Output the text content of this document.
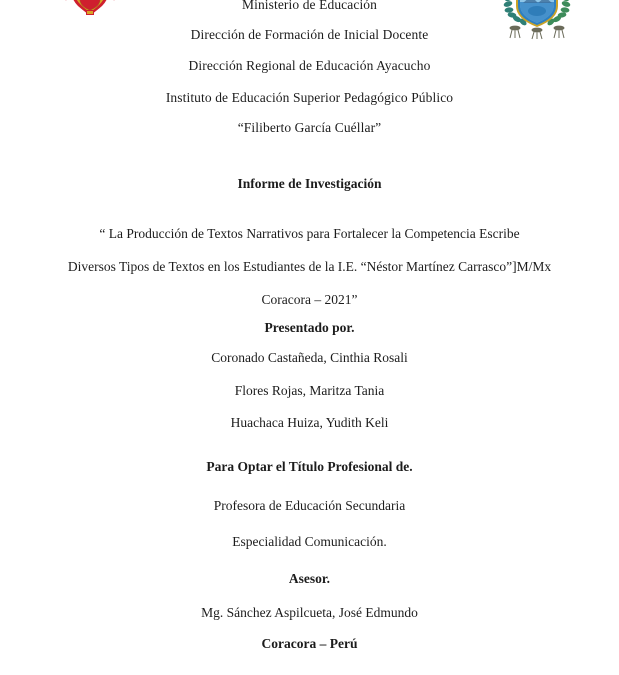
Ministerio de Educación
Dirección de Formación de Inicial Docente
Dirección Regional de Educación Ayacucho
Instituto de Educación Superior Pedagógico Público
“Filiberto García Cuéllar”
Informe de Investigación
“ La Producción de Textos Narrativos para Fortalecer la Competencia Escribe
Diversos Tipos de Textos en los Estudiantes de la I.E. “Néstor Martínez Carrasco”]M/Mx
Coracora – 2021”
Presentado por.
Coronado Castañeda, Cinthia Rosali
Flores Rojas, Maritza Tania
Huachaca Huiza, Yudith Keli
Para Optar el Título Profesional de.
Profesora de Educación Secundaria
Especialidad Comunicación.
Asesor.
Mg. Sánchez Aspilcueta, José Edmundo
Coracora – Perú
